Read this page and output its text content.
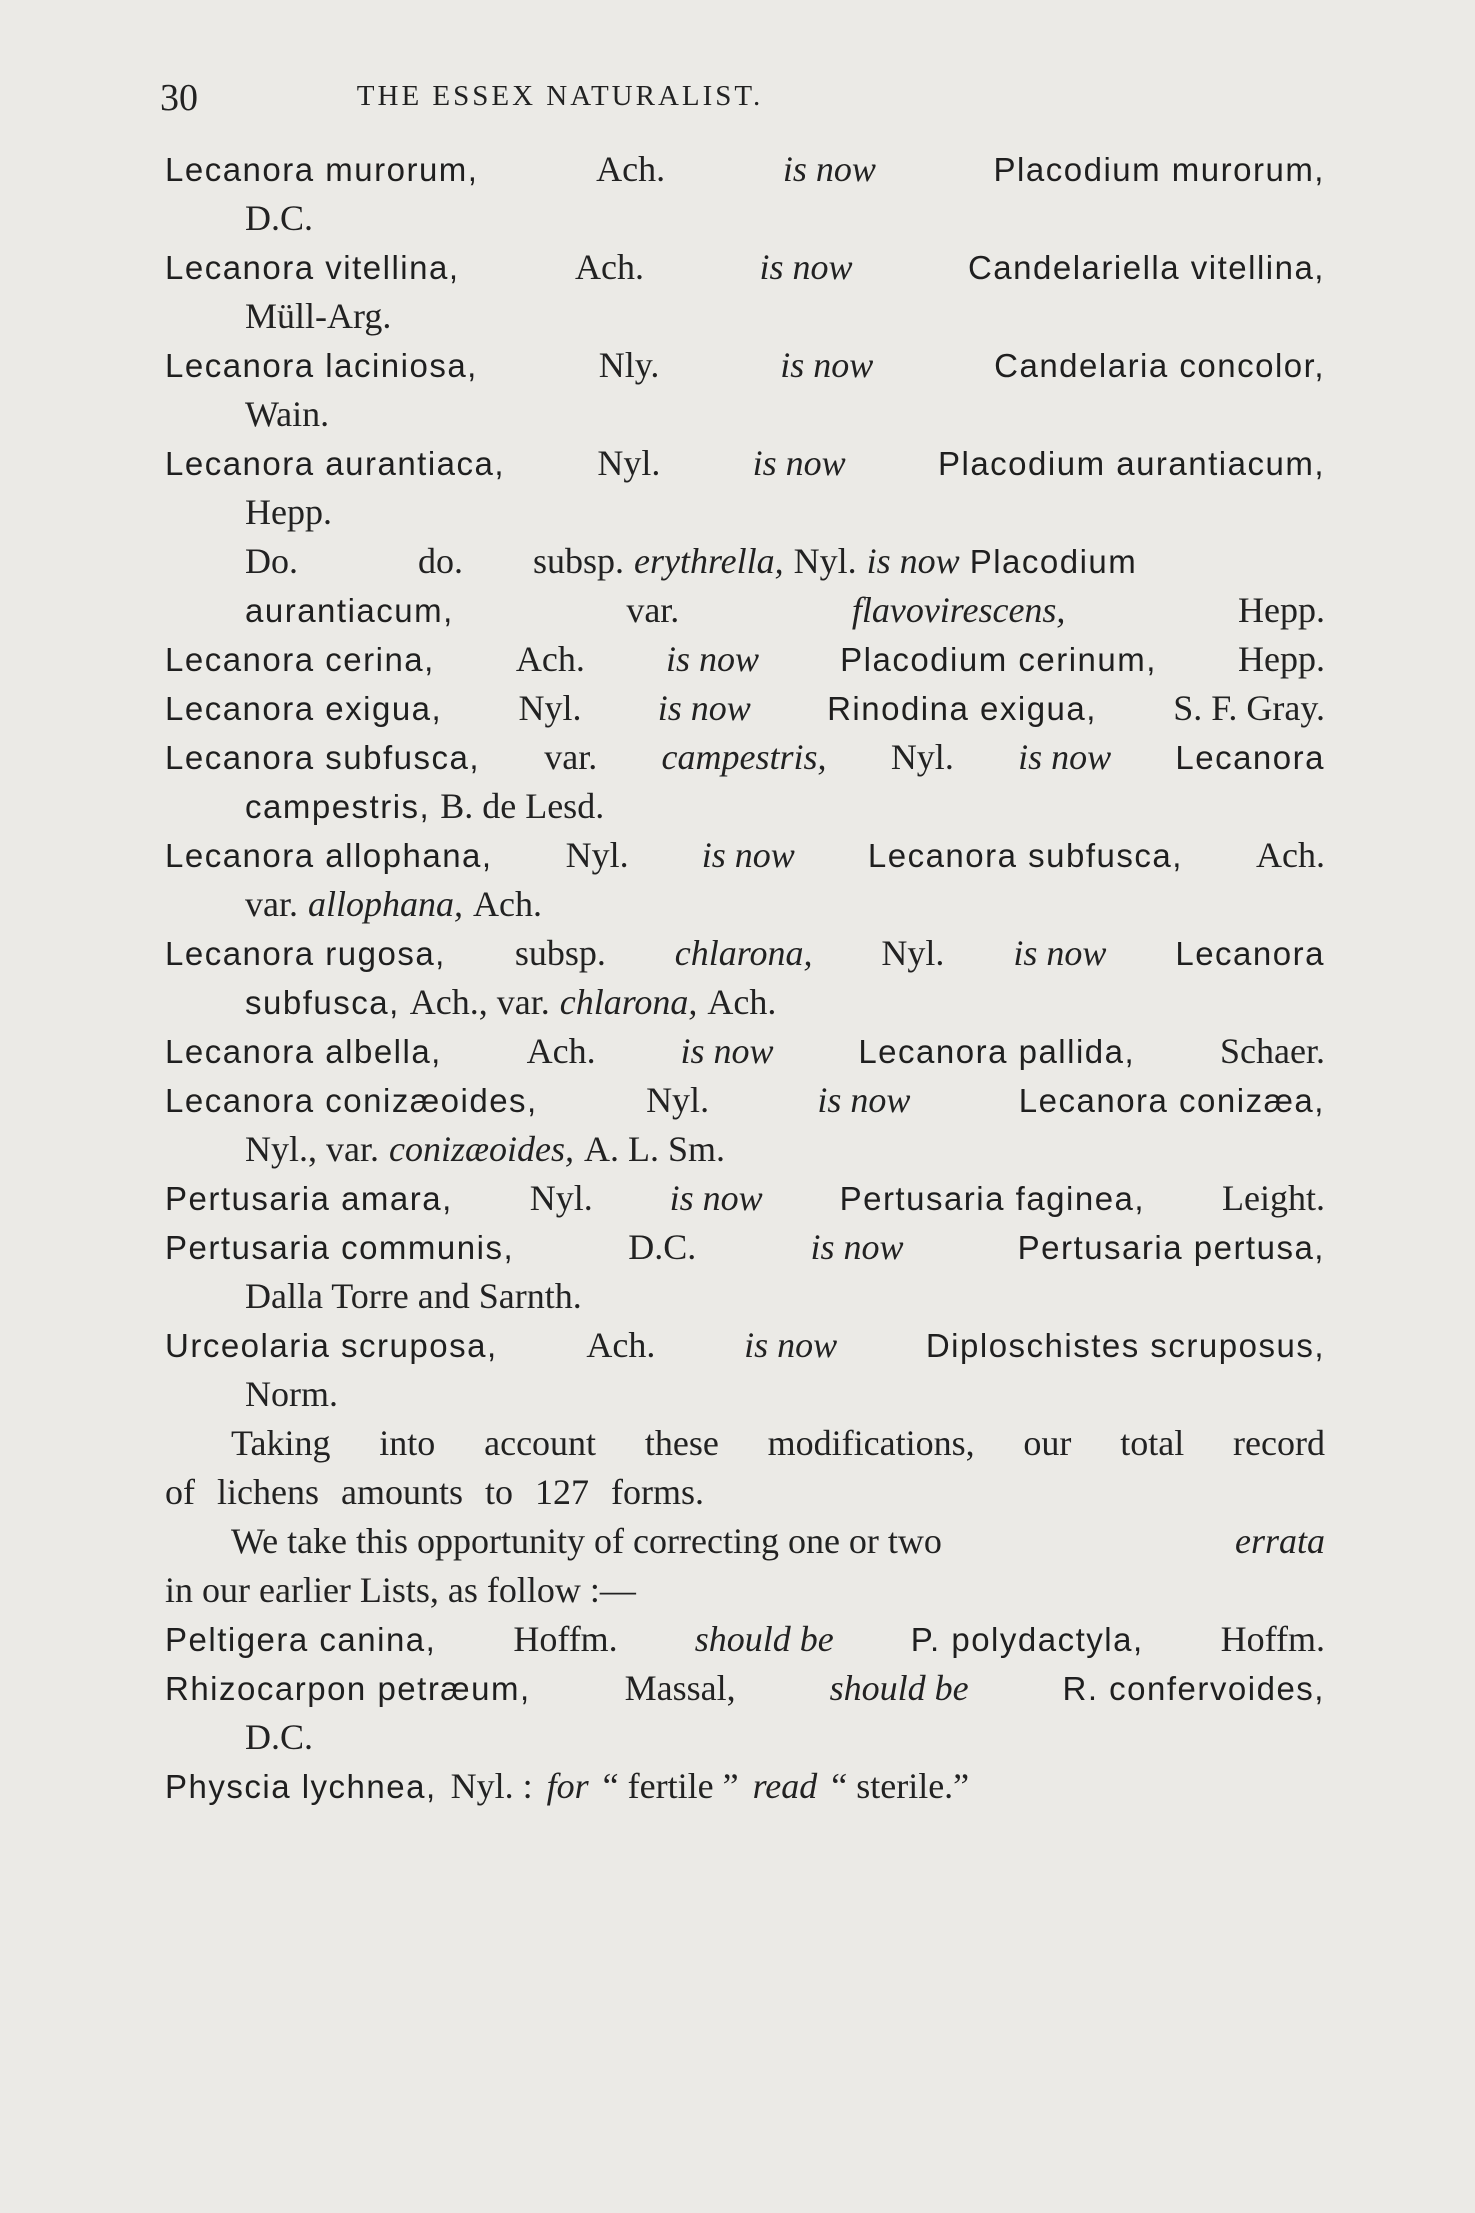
30	THE ESSEX NATURALIST.
Lecanora murorum,	Ach.	is now	Placodium murorum,
D.C.
Lecanora vitellina,	Ach.	is now	Candelariella vitellina,
Müll-Arg.
Lecanora laciniosa,	Nly.	is now	Candelaria concolor,
Wain.
Lecanora aurantiaca,	Nyl.	is now	Placodium aurantiacum,
Hepp.
Do.	do. subsp. erythrella, Nyl. is now Placodium
aurantiacum,	var.	flavovirescens,	Hepp.
Lecanora cerina, Ach. is now Placodium cerinum, Hepp.
Lecanora exigua, Nyl. is now Rinodina exigua, S. F. Gray.
Lecanora subfusca, var. campestris, Nyl. is now Lecanora
campestris, B. de Lesd.
Lecanora allophana, Nyl. is now Lecanora subfusca, Ach.
var. allophana, Ach.
Lecanora rugosa, subsp. chlarona, Nyl. is now Lecanora
subfusca, Ach., var. chlarona, Ach.
Lecanora albella, Ach. is now	Lecanora pallida, Schaer.
Lecanora conizæoides,	Nyl.	is now	Lecanora conizæa,
Nyl., var. conizæoides, A. L. Sm.
Pertusaria amara, Nyl. is now Pertusaria faginea, Leight.
Pertusaria communis,	D.C.	is now	Pertusaria pertusa,
Dalla Torre and Sarnth.
Urceolaria scruposa, Ach. is now	Diploschistes scruposus,
Norm.
Taking into account these modifications, our total record
of lichens amounts to 127 forms.
We take this opportunity of correcting one or two	errata
in our earlier Lists, as follow :—
Peltigera canina, Hoffm. should be P. polydactyla, Hoffm.
Rhizocarpon petræum,	Massal,	should be	R. confervoides,
D.C.
Physcia lychnea, Nyl. : for “ fertile ” read “ sterile.”
